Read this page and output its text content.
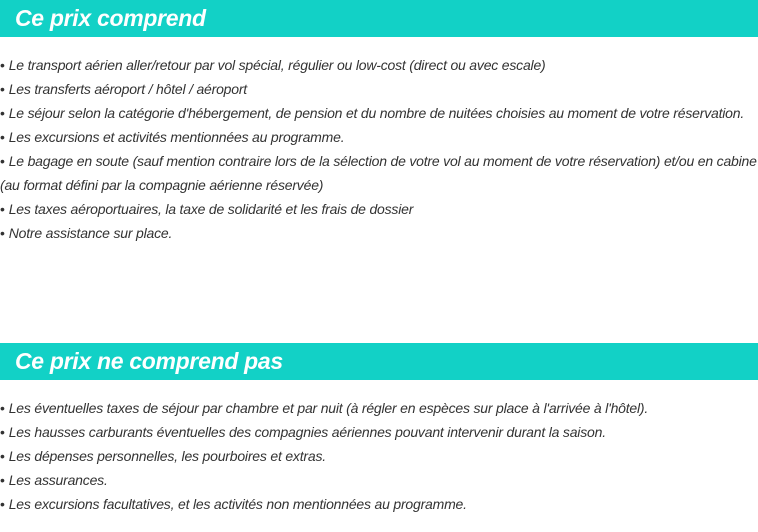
Ce prix comprend
• Le transport aérien aller/retour par vol spécial, régulier ou low-cost (direct ou avec escale)
• Les transferts aéroport / hôtel / aéroport
• Le séjour selon la catégorie d'hébergement, de pension et du nombre de nuitées choisies au moment de votre réservation.
• Les excursions et activités mentionnées au programme.
• Le bagage en soute (sauf mention contraire lors de la sélection de votre vol au moment de votre réservation) et/ou en cabine (au format défini par la compagnie aérienne réservée)
• Les taxes aéroportuaires, la taxe de solidarité et les frais de dossier
• Notre assistance sur place.
Ce prix ne comprend pas
• Les éventuelles taxes de séjour par chambre et par nuit (à régler en espèces sur place à l'arrivée à l'hôtel).
• Les hausses carburants éventuelles des compagnies aériennes pouvant intervenir durant la saison.
• Les dépenses personnelles, les pourboires et extras.
• Les assurances.
• Les excursions facultatives, et les activités non mentionnées au programme.
